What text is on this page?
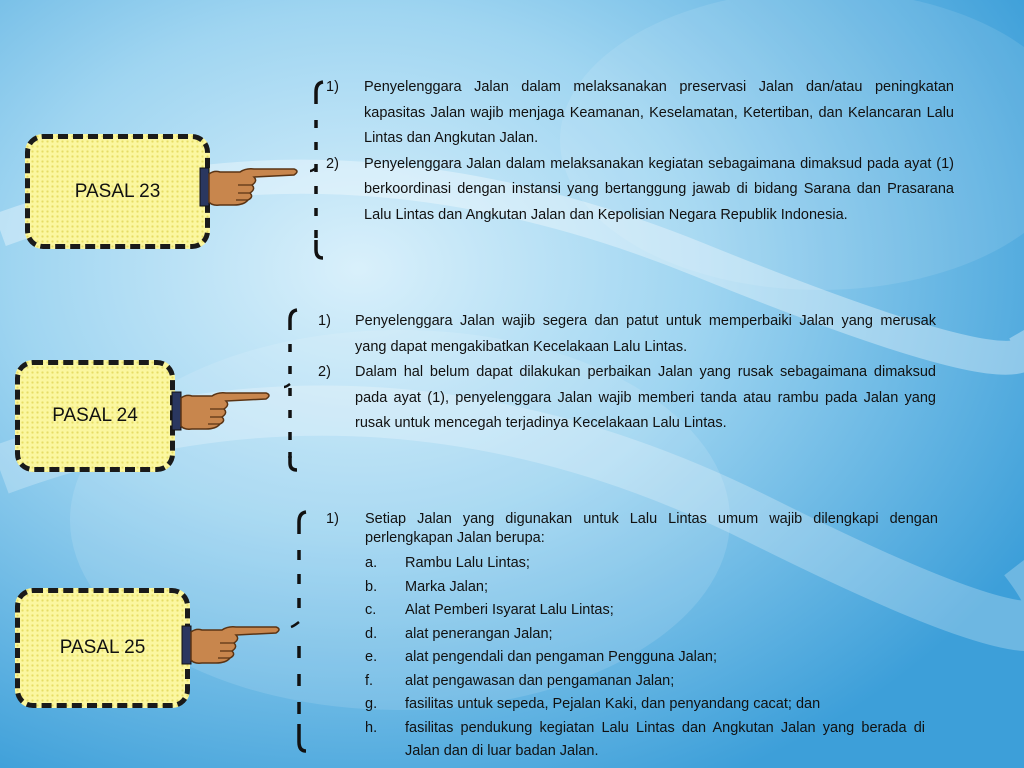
PASAL 23
1)	Penyelenggara Jalan dalam melaksanakan preservasi Jalan dan/atau peningkatan kapasitas Jalan wajib menjaga Keamanan, Keselamatan, Ketertiban, dan Kelancaran Lalu Lintas dan Angkutan Jalan.
2)	Penyelenggara Jalan dalam melaksanakan kegiatan sebagaimana dimaksud pada ayat (1) berkoordinasi dengan instansi yang bertanggung jawab di bidang Sarana dan Prasarana Lalu Lintas dan Angkutan Jalan dan Kepolisian Negara Republik Indonesia.
PASAL 24
1)	Penyelenggara Jalan wajib segera dan patut untuk memperbaiki Jalan yang merusak yang dapat mengakibatkan Kecelakaan Lalu Lintas.
2)	Dalam hal belum dapat dilakukan perbaikan Jalan yang rusak sebagaimana dimaksud pada ayat (1), penyelenggara Jalan wajib memberi tanda atau rambu pada Jalan yang rusak untuk mencegah terjadinya Kecelakaan Lalu Lintas.
PASAL 25
1)	Setiap Jalan yang digunakan untuk Lalu Lintas umum wajib dilengkapi dengan perlengkapan Jalan berupa:
a.	Rambu Lalu Lintas;
b.	Marka Jalan;
c.	Alat Pemberi Isyarat Lalu Lintas;
d.	alat penerangan Jalan;
e.	alat pengendali dan pengaman Pengguna Jalan;
f.	alat pengawasan dan pengamanan Jalan;
g.	fasilitas untuk sepeda, Pejalan Kaki, dan penyandang cacat; dan
h.	fasilitas pendukung kegiatan Lalu Lintas dan Angkutan Jalan yang berada di Jalan dan di luar badan Jalan.
